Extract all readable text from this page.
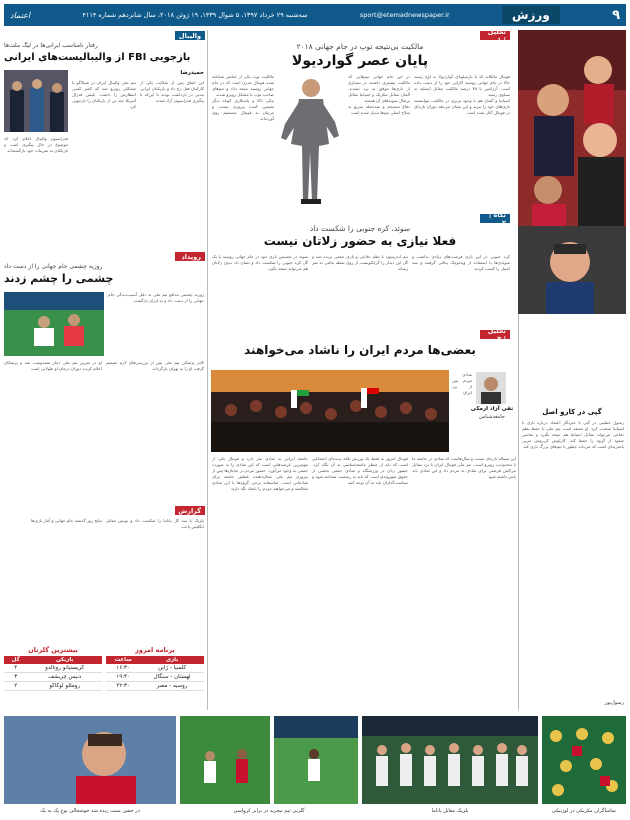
۹
ورزش
sport@etemadnewspaper.ir
سه‌شنبه ۲۹ خرداد ۱۳۹۷، ۵ شوال ۱۴۳۹، ۱۹ ژوئن ۲۰۱۸، سال شانزدهم شماره ۴۱۱۴
اعتماد
تحلیل | ۱
مالکیت بی‌نتیجه توپ در جام جهانی ۲۰۱۸
پایان عصر گواردیولا
مالکیت توپ یکی از عناصر شناخته شده فوتبال مدرن است که در جام جهانی روسیه نتیجه نداد و تیم‌های صاحب توپ با مشکل روبرو شدند
تیکی تاکا و پاسکاری کوتاه دیگر تضمین کننده پیروزی نیست و مربیان به فوتبال مستقیم روی آورده‌اند
در این جام جهانی تیم‌هایی که مالکیت بیشتری داشتند در بسیاری از بازی‌ها موفق به برد نشدند. آلمان مقابل مکزیک و اسپانیا مقابل پرتغال نمونه‌های آن هستند
دفاع منسجم و ضدحمله سریع به سلاح اصلی تیم‌ها تبدیل شده است
فوتبال مالکانه که با بارسلونای گواردیولا به اوج رسید حالا در جام جهانی روسیه کارایی خود را از دست داده است. آرژانتین با ۷۸ درصد مالکیت مقابل ایسلند به تساوی رسید
اسپانیا و آلمان هم با وجود برتری در مالکیت نتوانستند بازی‌های خود را ببرند و این نشان می‌دهد دوران تازه‌ای در فوتبال آغاز شده است
نگاه | ۲
سوئد، کره جنوبی را شکست داد
فعلا نیازی به حضور زلاتان نیست
سوئد در نخستین بازی خود در جام جهانی روسیه با یک گل کره جنوبی را شکست داد و نشان داد بدون زلاتان هم می‌تواند نتیجه بگیرد
تیم اندرسون با نظم دفاعی و بازی جمعی برنده شد و گل این دیدار را گرانکویست از روی نقطه پنالتی به ثمر رساند
کره جنوبی در این بازی فرصت‌های زیادی نداشت و سوئدی‌ها با استفاده از ویدئوچک پنالتی گرفتند و سه امتیاز را کسب کردند
تحلیل | ۳
بعضی‌ها مردم ایران را ناشاد می‌خواهند
تقی آزاد ارمکی
جامعه‌شناس
شادی مردم پس از برد ایران
جامعه ایرانی به شادی نیاز دارد و فوتبال یکی از مهم‌ترین عرصه‌هایی است که این شادی را به صورت جمعی به وجود می‌آورد. حضور مردم در خیابان‌ها پس از پیروزی تیم ملی نشان‌دهنده عطش جامعه برای شادمانی است. متاسفانه برخی گروه‌ها با این شادی مخالفند و می‌خواهند مردم را ناشاد نگه دارند
فوتبال امروز نه فقط یک ورزش بلکه پدیده‌ای اجتماعی است که باید از منظر جامعه‌شناسی به آن نگاه کرد. حضور زنان در ورزشگاه و شادی جمعی بخشی از حقوق شهروندی است که باید به رسمیت شناخته شود و سیاست‌گذاران باید به آن توجه کنند
این مساله تازه‌ای نیست و سال‌هاست که شادی در جامعه ما با محدودیت روبرو است. تیم ملی فوتبال ایران با برد مقابل مراکش فرصتی برای شادی به مردم داد و این شادی باید پاس داشته شود
گپی در کارو اصل
رسول خطیبی در گپی با خبرنگار اعتماد درباره بازی با اسپانیا صحبت کرد. او معتقد است تیم ملی با حفظ نظم دفاعی می‌تواند مقابل اسپانیا هم نتیجه بگیرد و شانس صعود از گروه را حفظ کند. کارلوس کی‌روش مربی باتجربه‌ای است که می‌داند چطور با تیم‌های بزرگ بازی کند
رسول‌پور
والیبال
رفتار نامناسب ایرانی‌ها در لیگ ملت‌ها
بازجویی FBI از والیبالیست‌های ایرانی
حمیدرضا
تیم ملی والیبال ایران در شیکاگو با مشکلی روبرو شد که کمتر کسی انتظارش را داشت. پلیس فدرال آمریکا چند تن از بازیکنان را بازجویی کرد
این اتفاق پس از شکایت یکی از کارکنان هتل رخ داد و بازیکنان ایرانی مدتی در بازداشت بودند تا این‌که با پیگیری فدراسیون آزاد شدند
فدراسیون والیبال اعلام کرد که موضوع در حال پیگیری است و بازیکنان به تمرینات خود بازگشته‌اند
رویداد
روزیه چشمی جام جهانی را از دست داد
چشمی را چشم زدند
روزبه چشمی مدافع تیم ملی به دلیل آسیب‌دیدگی جام جهانی را از دست داد و به ایران بازگشت
او در تمرین تیم ملی دچار مصدومیت شد و پزشکان اعلام کردند دوران درمان او طولانی است
کادر پزشکی تیم ملی پس از بررسی‌های لازم تصمیم گرفت او را به تهران بازگرداند
گزارش
نتایج روز گذشته جام جهانی و آمار بازی‌ها بلژیک با سه گل پاناما را شکست داد و تونس مقابل انگلیس باخت
برنامه امروز
بازی	ساعت
کلمبیا - ژاپن	۱۶:۳۰
لهستان - سنگال	۱۹:۳۰
روسیه - مصر	۲۲:۳۰
بیشترین گلزنان
بازیکن	گل
کریستیانو رونالدو	۴
دنیس چریشف	۳
رومللو لوکاکو	۲
در جشن سنت زنده شد خوشحالی نوع یک به یک	گلزنی تیم نیجریه در برابر کرواسی	بلژیک مقابل پاناما	تماشاگران مکزیکی در لوژنیکی
